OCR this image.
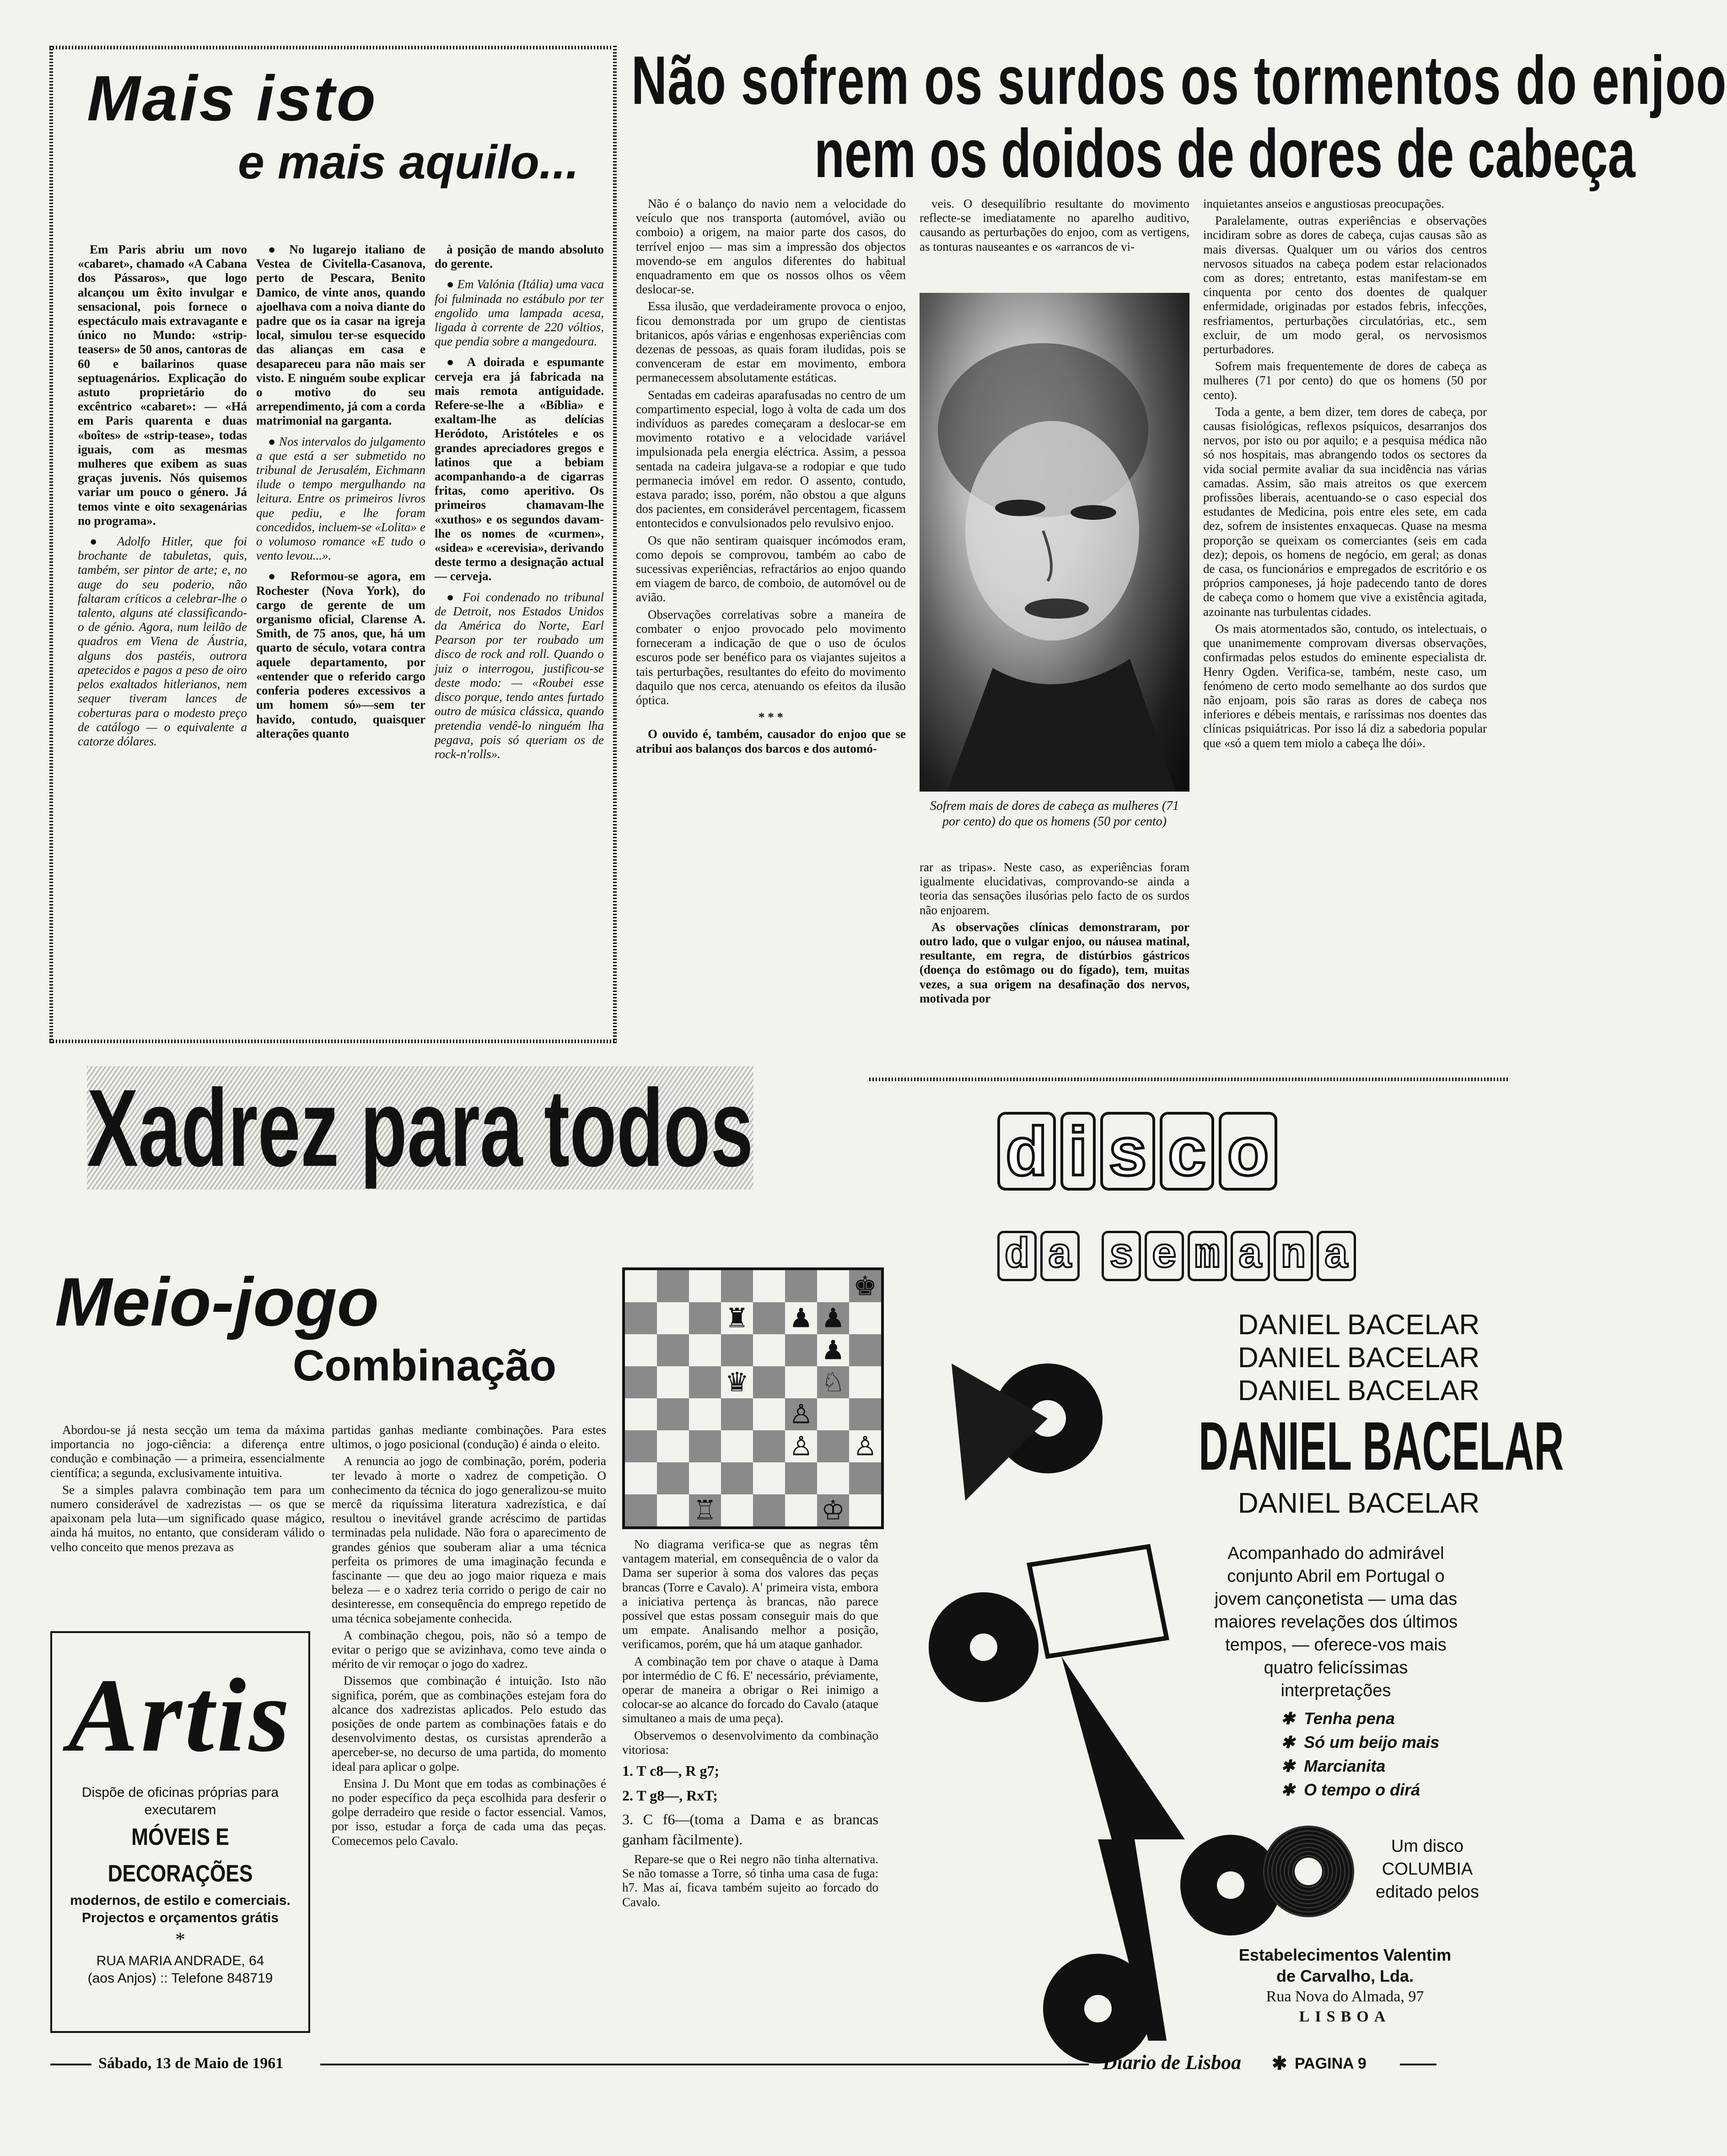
Mais isto
e mais aquilo...

Em Paris abriu um novo «cabaret», chamado «A Cabana dos Pássaros», que logo alcançou um êxito invulgar e sensacional, pois fornece o espectáculo mais extravagante e único no Mundo: «strip-teasers» de 50 anos, cantoras de 60 e bailarinos quase septuagenários. Explicação do astuto proprietário do excêntrico «cabaret»: — «Há em Paris quarenta e duas «boîtes» de «strip-tease», todas iguais, com as mesmas mulheres que exibem as suas graças juvenis. Nós quisemos variar um pouco o género. Já temos vinte e oito sexagenárias no programa».

● Adolfo Hitler, que foi brochante de tabuletas, quis, também, ser pintor de arte; e, no auge do seu poderio, não faltaram críticos a celebrar-lhe o talento, alguns até classificando-o de génio. Agora, num leilão de quadros em Viena de Áustria, alguns dos pastéis, outrora apetecidos e pagos a peso de oiro pelos exaltados hitlerianos, nem sequer tiveram lances de coberturas para o modesto preço de catálogo — o equivalente a catorze dólares.

● No lugarejo italiano de Vestea de Civitella-Casanova, perto de Pescara, Benito Damico, de vinte anos, quando ajoelhava com a noiva diante do padre que os ia casar na igreja local, simulou ter-se esquecido das alianças em casa e desapareceu para não mais ser visto. E ninguém soube explicar o motivo do seu arrependimento, já com a corda matrimonial na garganta.

● Nos intervalos do julgamento a que está a ser submetido no tribunal de Jerusalém, Eichmann ilude o tempo mergulhando na leitura. Entre os primeiros livros que pediu, e lhe foram concedidos, incluem-se «Lolita» e o volumoso romance «E tudo o vento levou...».

● Reformou-se agora, em Rochester (Nova York), do cargo de gerente de um organismo oficial, Clarense A. Smith, de 75 anos, que, há um quarto de século, votara contra aquele departamento, por «entender que o referido cargo conferia poderes excessivos a um homem só»—sem ter havido, contudo, quaisquer alterações quanto

à posição de mando absoluto do gerente.

● Em Valónia (Itália) uma vaca foi fulminada no estábulo por ter engolido uma lampada acesa, ligada à corrente de 220 vóltios, que pendia sobre a mangedoura.

● A doirada e espumante cerveja era já fabricada na mais remota antiguidade. Refere-se-lhe a «Bíblia» e exaltam-lhe as delícias Heródoto, Aristóteles e os grandes apreciadores gregos e latinos que a bebiam acompanhando-a de cigarras fritas, como aperitivo. Os primeiros chamavam-lhe «xuthos» e os segundos davam-lhe os nomes de «curmen», «sidea» e «cerevisia», derivando deste termo a designação actual — cerveja.

● Foi condenado no tribunal de Detroit, nos Estados Unidos da América do Norte, Earl Pearson por ter roubado um disco de rock and roll. Quando o juiz o interrogou, justificou-se deste modo: — «Roubei esse disco porque, tendo antes furtado outro de música clássica, quando pretendia vendê-lo ninguém lha pegava, pois só queriam os de rock-n'rolls».

Não sofrem os surdos os tormentos do enjoo
nem os doidos de dores de cabeça

Não é o balanço do navio nem a velocidade do veículo que nos transporta (automóvel, avião ou comboio) a origem, na maior parte dos casos, do terrível enjoo — mas sim a impressão dos objectos movendo-se em angulos diferentes do habitual enquadramento em que os nossos olhos os vêem deslocar-se.

Essa ilusão, que verdadeiramente provoca o enjoo, ficou demonstrada por um grupo de cientistas britanicos, após várias e engenhosas experiências com dezenas de pessoas, as quais foram iludidas, pois se convenceram de estar em movimento, embora permanecessem absolutamente estáticas.

Sentadas em cadeiras aparafusadas no centro de um compartimento especial, logo à volta de cada um dos indivíduos as paredes começaram a deslocar-se em movimento rotativo e a velocidade variável impulsionada pela energia eléctrica. Assim, a pessoa sentada na cadeira julgava-se a rodopiar e que tudo permanecia imóvel em redor. O assento, contudo, estava parado; isso, porém, não obstou a que alguns dos pacientes, em considerável percentagem, ficassem entontecidos e convulsionados pelo revulsivo enjoo.

Os que não sentiram quaisquer incómodos eram, como depois se comprovou, também ao cabo de sucessivas experiências, refractários ao enjoo quando em viagem de barco, de comboio, de automóvel ou de avião.

Observações correlativas sobre a maneira de combater o enjoo provocado pelo movimento forneceram a indicação de que o uso de óculos escuros pode ser benéfico para os viajantes sujeitos a tais perturbações, resultantes do efeito do movimento daquilo que nos cerca, atenuando os efeitos da ilusão óptica.

* * *

O ouvido é, também, causador do enjoo que se atribui aos balanços dos barcos e dos automó-

veis. O desequilíbrio resultante do movimento reflecte-se imediatamente no aparelho auditivo, causando as perturbações do enjoo, com as vertigens, as tonturas nauseantes e os «arrancos de vi-

Sofrem mais de dores de cabeça as mulheres (71 por cento) do que os homens (50 por cento)

rar as tripas». Neste caso, as experiências foram igualmente elucidativas, comprovando-se ainda a teoria das sensações ilusórias pelo facto de os surdos não enjoarem.

As observações clínicas demonstraram, por outro lado, que o vulgar enjoo, ou náusea matinal, resultante, em regra, de distúrbios gástricos (doença do estômago ou do fígado), tem, muitas vezes, a sua origem na desafinação dos nervos, motivada por

inquietantes anseios e angustiosas preocupações.

Paralelamente, outras experiências e observações incidiram sobre as dores de cabeça, cujas causas são as mais diversas. Qualquer um ou vários dos centros nervosos situados na cabeça podem estar relacionados com as dores; entretanto, estas manifestam-se em cinquenta por cento dos doentes de qualquer enfermidade, originadas por estados febris, infecções, resfriamentos, perturbações circulatórias, etc., sem excluir, de um modo geral, os nervosismos perturbadores.

Sofrem mais frequentemente de dores de cabeça as mulheres (71 por cento) do que os homens (50 por cento).

Toda a gente, a bem dizer, tem dores de cabeça, por causas fisiológicas, reflexos psíquicos, desarranjos dos nervos, por isto ou por aquilo; e a pesquisa médica não só nos hospitais, mas abrangendo todos os sectores da vida social permite avaliar da sua incidência nas várias camadas. Assim, são mais atreitos os que exercem profissões liberais, acentuando-se o caso especial dos estudantes de Medicina, pois entre eles sete, em cada dez, sofrem de insistentes enxaquecas. Quase na mesma proporção se queixam os comerciantes (seis em cada dez); depois, os homens de negócio, em geral; as donas de casa, os funcionários e empregados de escritório e os próprios camponeses, já hoje padecendo tanto de dores de cabeça como o homem que vive a existência agitada, azoinante nas turbulentas cidades.

Os mais atormentados são, contudo, os intelectuais, o que unanimemente comprovam diversas observações, confirmadas pelos estudos do eminente especialista dr. Henry Ogden. Verifica-se, também, neste caso, um fenómeno de certo modo semelhante ao dos surdos que não enjoam, pois são raras as dores de cabeça nos inferiores e débeis mentais, e raríssimas nos doentes das clínicas psiquiátricas. Por isso lá diz a sabedoria popular que «só a quem tem miolo a cabeça lhe dói».

Xadrez para todos
Meio-jogo
Combinação
♚
♜ ♟ ♟
♟
♛	♘
♙
♙
♙
♖	♔

Abordou-se já nesta secção um tema da máxima importancia no jogo-ciência: a diferença entre condução e combinação — a primeira, essencialmente científica; a segunda, exclusivamente intuitiva.

Se a simples palavra combinação tem para um numero considerável de xadrezistas — os que se apaixonam pela luta—um significado quase mágico, ainda há muitos, no entanto, que consideram válido o velho conceito que menos prezava as

partidas ganhas mediante combinações. Para estes ultimos, o jogo posicional (condução) é ainda o eleito.

A renuncia ao jogo de combinação, porém, poderia ter levado à morte o xadrez de competição. O conhecimento da técnica do jogo generalizou-se muito mercê da riquíssima literatura xadrezística, e daí resultou o inevitável grande acréscimo de partidas terminadas pela nulidade. Não fora o aparecimento de grandes génios que souberam aliar a uma técnica perfeita os primores de uma imaginação fecunda e fascinante — que deu ao jogo maior riqueza e mais beleza — e o xadrez teria corrido o perigo de cair no desinteresse, em consequência do emprego repetido de uma técnica sobejamente conhecida.

A combinação chegou, pois, não só a tempo de evitar o perigo que se avizinhava, como teve ainda o mérito de vir remoçar o jogo do xadrez.

Dissemos que combinação é intuição. Isto não significa, porém, que as combinações estejam fora do alcance dos xadrezistas aplicados. Pelo estudo das posições de onde partem as combinações fatais e do desenvolvimento destas, os cursistas aprenderão a aperceber-se, no decurso de uma partida, do momento ideal para aplicar o golpe.

Ensina J. Du Mont que em todas as combinações é no poder específico da peça escolhida para desferir o golpe derradeiro que reside o factor essencial. Vamos, por isso, estudar a força de cada uma das peças. Comecemos pelo Cavalo.

No diagrama verifica-se que as negras têm vantagem material, em consequência de o valor da Dama ser superior à soma dos valores das peças brancas (Torre e Cavalo). A' primeira vista, embora a iniciativa pertença às brancas, não parece possível que estas possam conseguir mais do que um empate. Analisando melhor a posição, verificamos, porém, que há um ataque ganhador.

A combinação tem por chave o ataque à Dama por intermédio de C f6. E' necessário, préviamente, operar de maneira a obrigar o Rei inimigo a colocar-se ao alcance do forcado do Cavalo (ataque simultaneo a mais de uma peça).

Observemos o desenvolvimento da combinação vitoriosa:

1. T c8—, R g7;

2. T g8—, RxT;

3. C f6—(toma a Dama e as brancas ganham fàcilmente).

Repare-se que o Rei negro não tinha alternativa. Se não tomasse a Torre, só tinha uma casa de fuga: h7. Mas aí, ficava também sujeito ao forcado do Cavalo.

Artis
Dispõe de oficinas próprias para executarem
MÓVEIS E DECORAÇÕES
modernos, de estilo e comerciais.
Projectos e orçamentos grátis
*
RUA MARIA ANDRADE, 64
(aos Anjos) :: Telefone 848719
d i s c o
d a s e m a n a
DANIEL BACELAR
DANIEL BACELAR
DANIEL BACELAR
DANIEL BACELAR
DANIEL BACELAR
Acompanhado do admirável conjunto Abril em Portugal o jovem cançonetista — uma das maiores revelações dos últimos tempos, — oferece-vos mais quatro felicíssimas interpretações
✱  Tenha pena
✱  Só um beijo mais
✱  Marcianita
✱  O tempo o dirá
Um disco
COLUMBIA
editado pelos
Estabelecimentos Valentim
de Carvalho, Lda.
Rua Nova do Almada, 97
LISBOA
Sábado, 13 de Maio de 1961	Diario de Lisboa ✱ PAGINA 9
